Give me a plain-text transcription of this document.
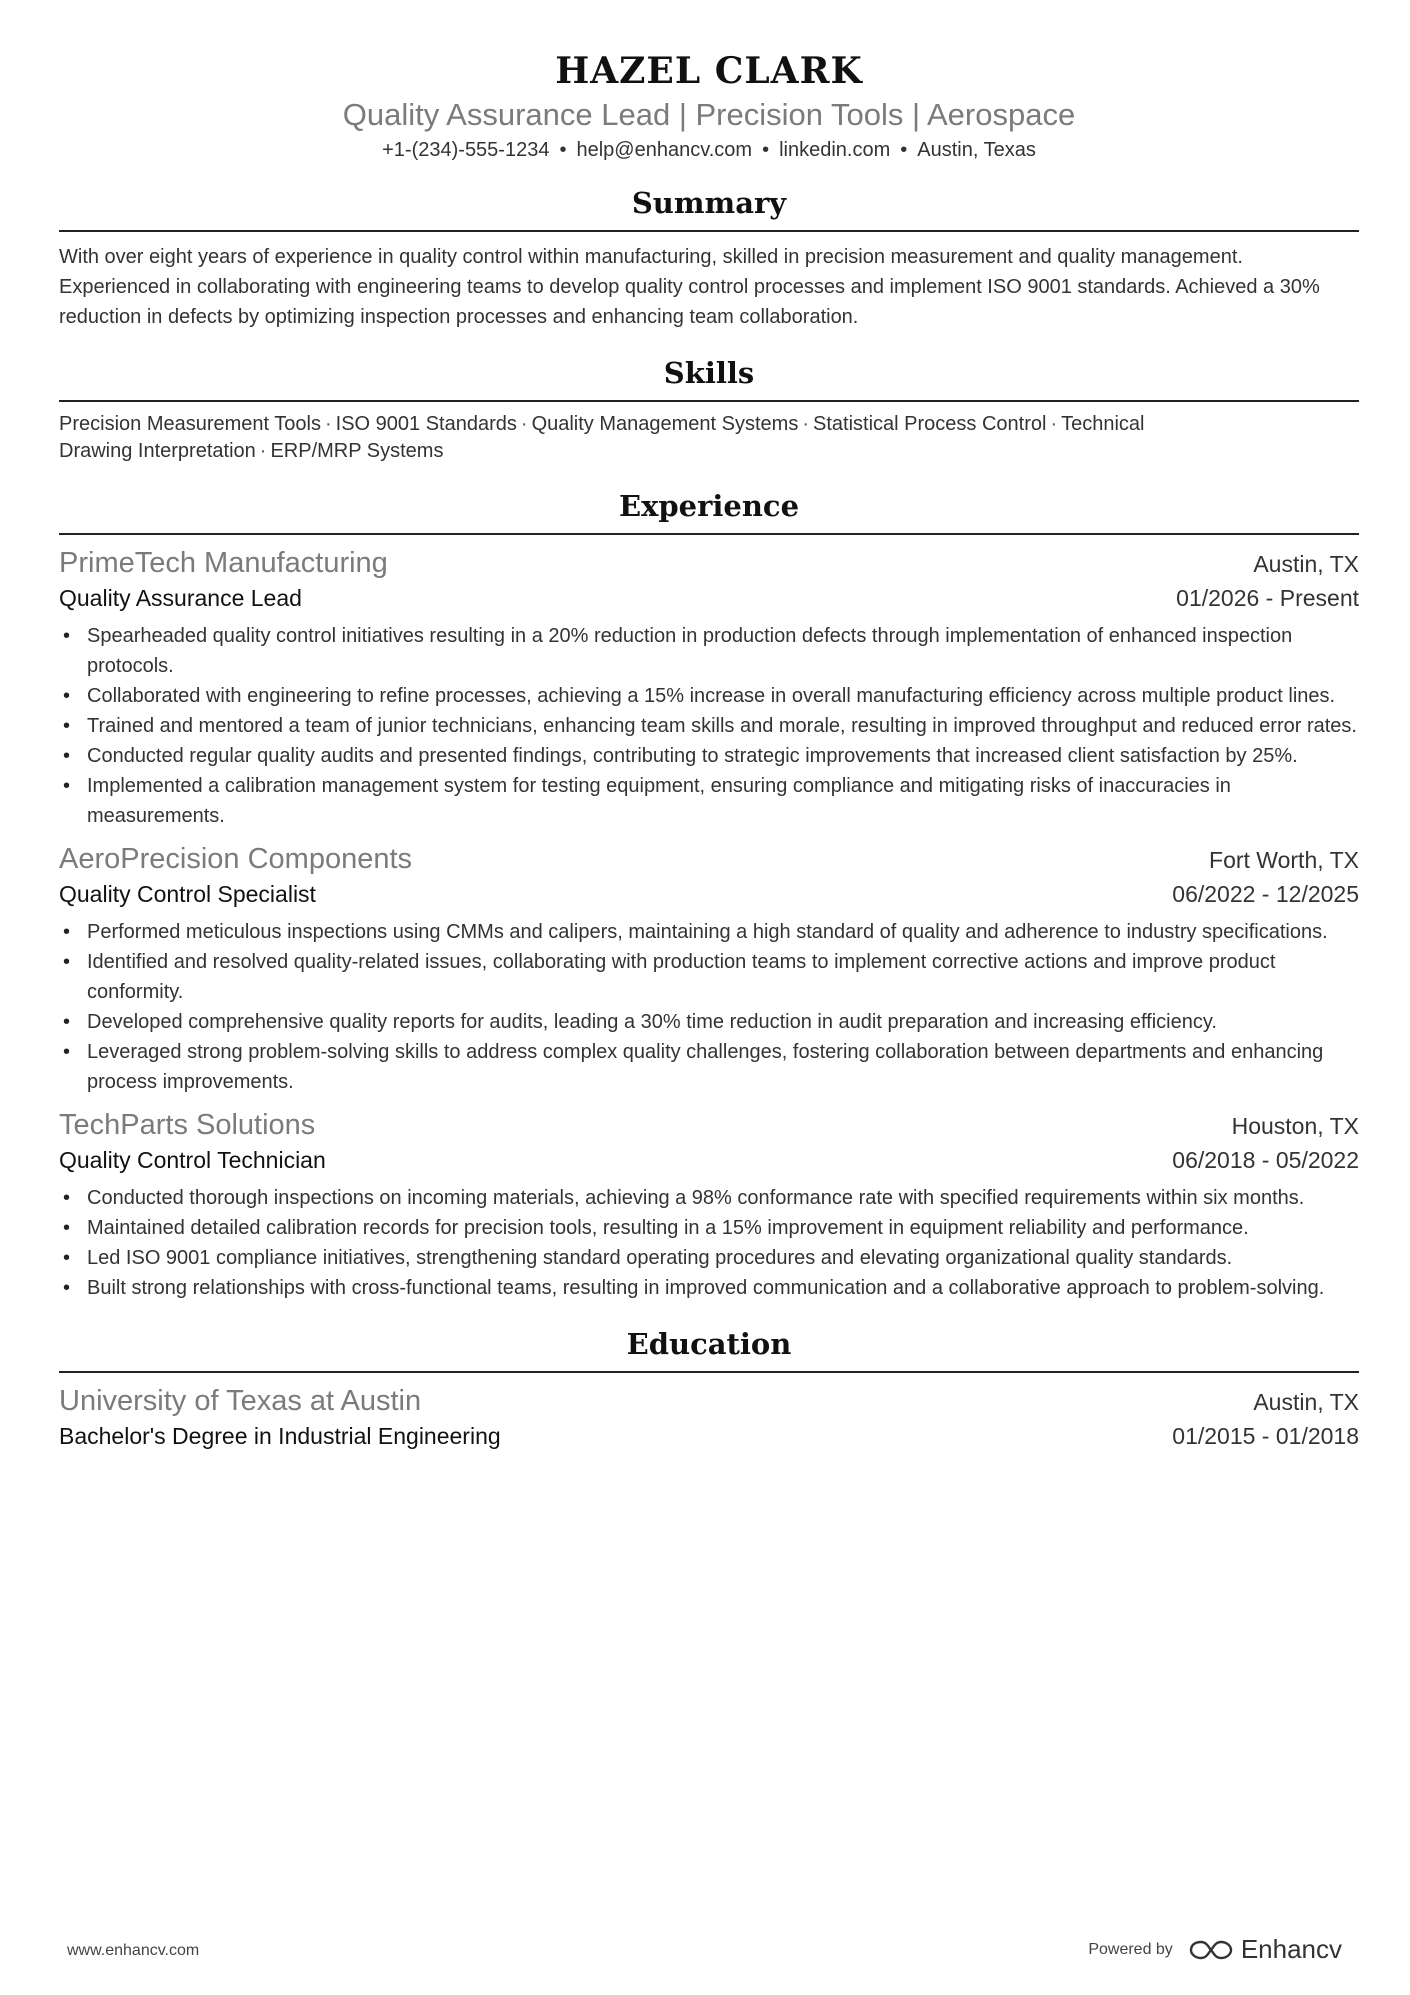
HAZEL CLARK
Quality Assurance Lead | Precision Tools | Aerospace
+1-(234)-555-1234 • help@enhancv.com • linkedin.com • Austin, Texas
Summary
With over eight years of experience in quality control within manufacturing, skilled in precision measurement and quality management. Experienced in collaborating with engineering teams to develop quality control processes and implement ISO 9001 standards. Achieved a 30% reduction in defects by optimizing inspection processes and enhancing team collaboration.
Skills
Precision Measurement Tools · ISO 9001 Standards · Quality Management Systems · Statistical Process Control · Technical Drawing Interpretation · ERP/MRP Systems
Experience
PrimeTech Manufacturing	Austin, TX
Quality Assurance Lead	01/2026 - Present
• Spearheaded quality control initiatives resulting in a 20% reduction in production defects through implementation of enhanced inspection protocols.
• Collaborated with engineering to refine processes, achieving a 15% increase in overall manufacturing efficiency across multiple product lines.
• Trained and mentored a team of junior technicians, enhancing team skills and morale, resulting in improved throughput and reduced error rates.
• Conducted regular quality audits and presented findings, contributing to strategic improvements that increased client satisfaction by 25%.
• Implemented a calibration management system for testing equipment, ensuring compliance and mitigating risks of inaccuracies in measurements.
AeroPrecision Components	Fort Worth, TX
Quality Control Specialist	06/2022 - 12/2025
• Performed meticulous inspections using CMMs and calipers, maintaining a high standard of quality and adherence to industry specifications.
• Identified and resolved quality-related issues, collaborating with production teams to implement corrective actions and improve product conformity.
• Developed comprehensive quality reports for audits, leading a 30% time reduction in audit preparation and increasing efficiency.
• Leveraged strong problem-solving skills to address complex quality challenges, fostering collaboration between departments and enhancing process improvements.
TechParts Solutions	Houston, TX
Quality Control Technician	06/2018 - 05/2022
• Conducted thorough inspections on incoming materials, achieving a 98% conformance rate with specified requirements within six months.
• Maintained detailed calibration records for precision tools, resulting in a 15% improvement in equipment reliability and performance.
• Led ISO 9001 compliance initiatives, strengthening standard operating procedures and elevating organizational quality standards.
• Built strong relationships with cross-functional teams, resulting in improved communication and a collaborative approach to problem-solving.
Education
University of Texas at Austin	Austin, TX
Bachelor's Degree in Industrial Engineering	01/2015 - 01/2018
www.enhancv.com	Powered by	Enhancv
